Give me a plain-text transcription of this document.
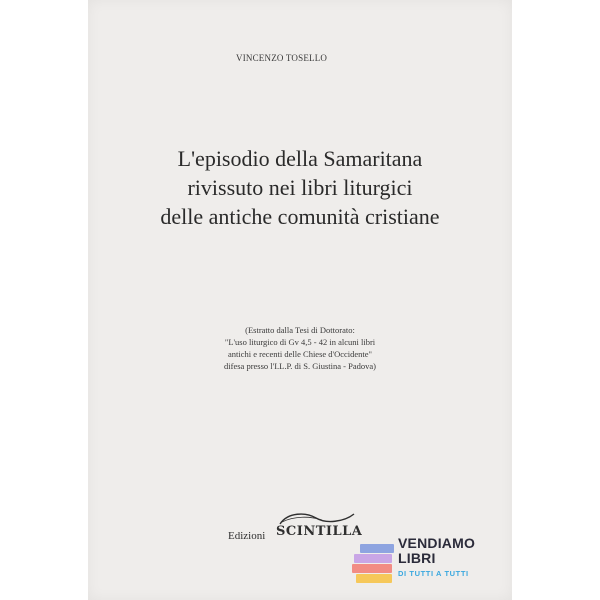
VINCENZO TOSELLO
L'episodio della Samaritana
rivissuto nei libri liturgici
delle antiche comunità cristiane
(Estratto dalla Tesi di Dottorato:
"L'uso liturgico di Gv 4,5 - 42 in alcuni libri
antichi e recenti delle Chiese d'Occidente"
difesa presso l'I.L.P. di S. Giustina - Padova)
Edizioni SCINTILLA
VENDIAMO
LIBRI
DI TUTTI A TUTTI
